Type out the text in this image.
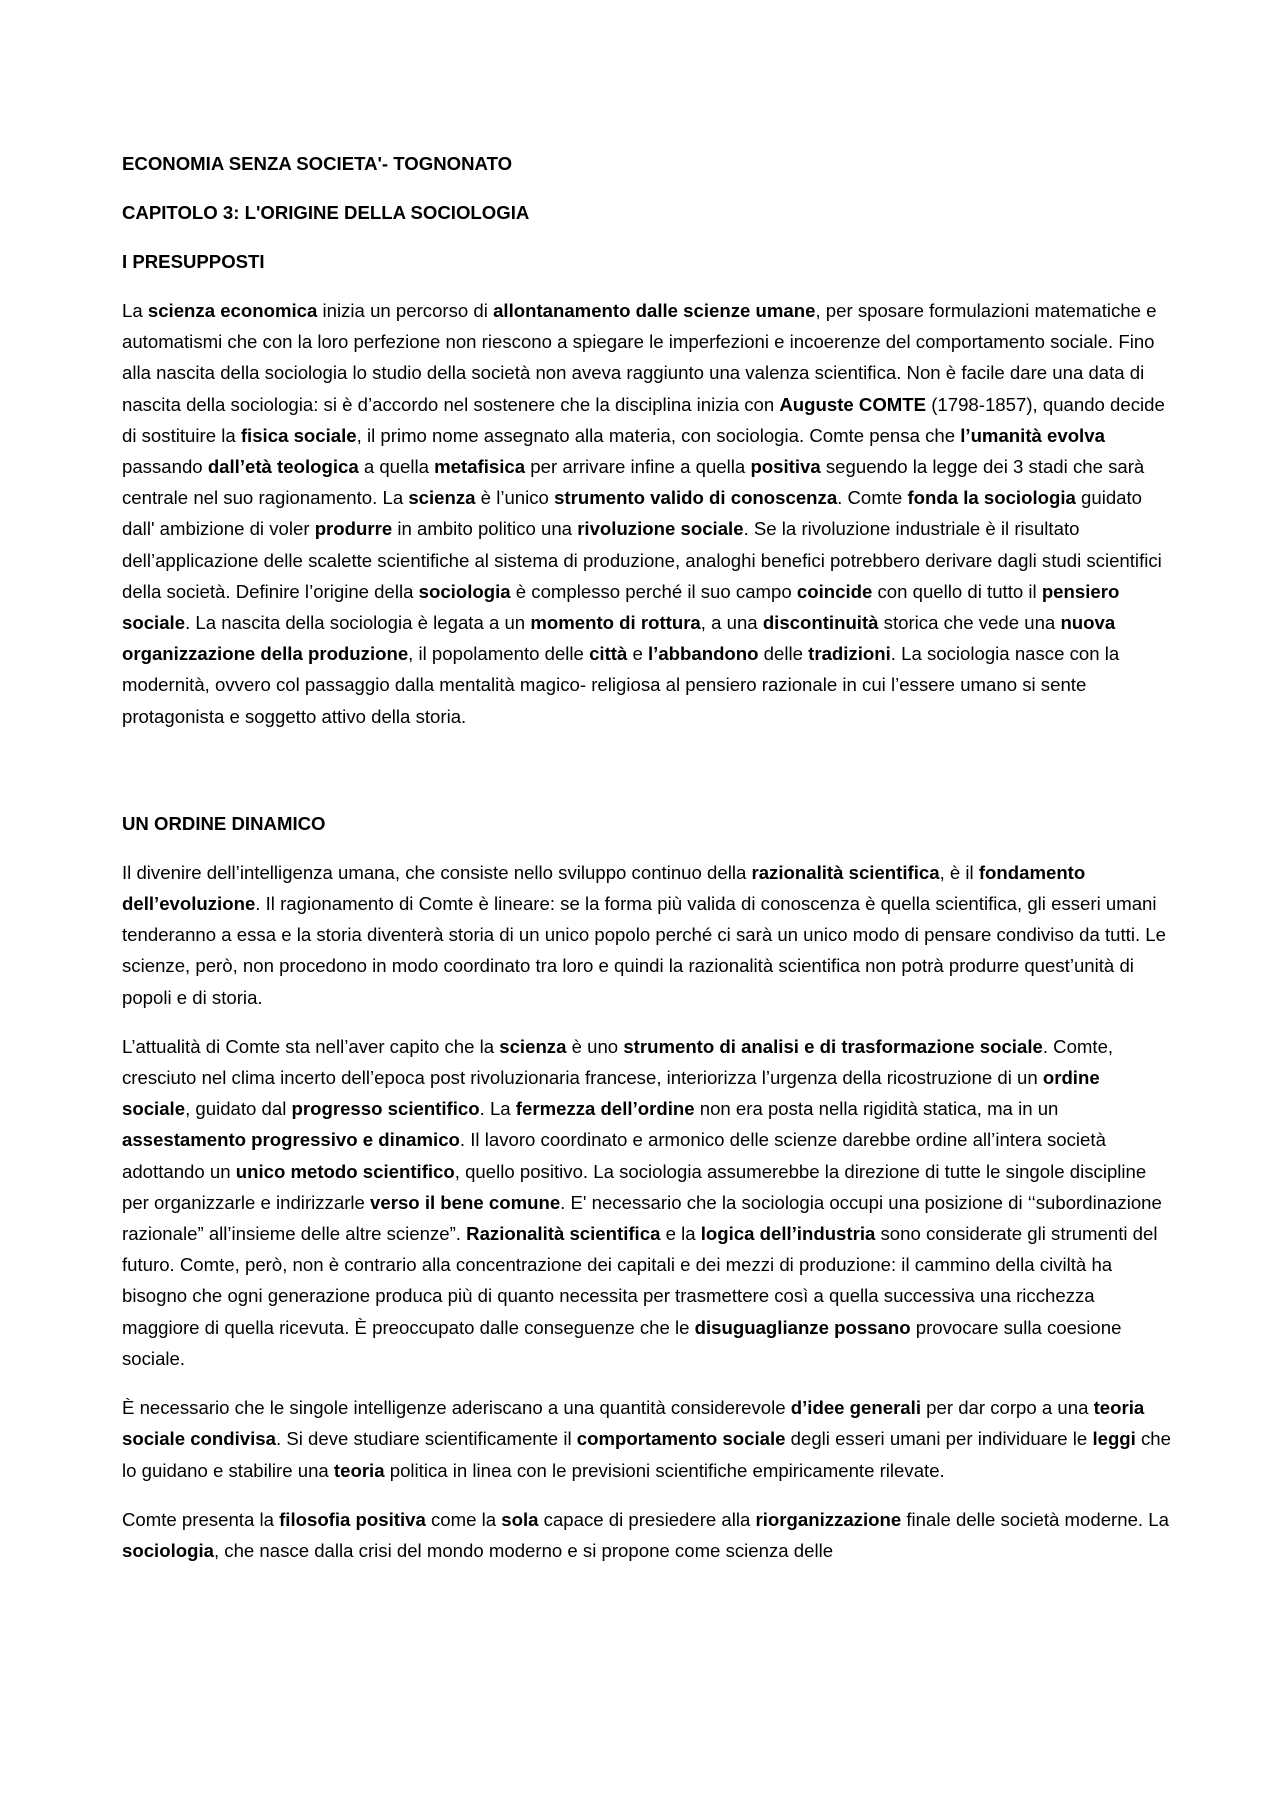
ECONOMIA SENZA SOCIETA'- TOGNONATO
CAPITOLO 3: L'ORIGINE DELLA SOCIOLOGIA
I PRESUPPOSTI

La scienza economica inizia un percorso di allontanamento dalle scienze umane, per sposare formulazioni matematiche e automatismi che con la loro perfezione non riescono a spiegare le imperfezioni e incoerenze del comportamento sociale. Fino alla nascita della sociologia lo studio della società non aveva raggiunto una valenza scientifica. Non è facile dare una data di nascita della sociologia: si è d’accordo nel sostenere che la disciplina inizia con Auguste COMTE (1798-1857), quando decide di sostituire la fisica sociale, il primo nome assegnato alla materia, con sociologia. Comte pensa che l’umanità evolva passando dall’età teologica a quella metafisica per arrivare infine a quella positiva seguendo la legge dei 3 stadi che sarà centrale nel suo ragionamento. La scienza è l’unico strumento valido di conoscenza. Comte fonda la sociologia guidato dall' ambizione di voler produrre in ambito politico una rivoluzione sociale. Se la rivoluzione industriale è il risultato dell’applicazione delle scalette scientifiche al sistema di produzione, analoghi benefici potrebbero derivare dagli studi scientifici della società. Definire l’origine della sociologia è complesso perché il suo campo coincide con quello di tutto il pensiero sociale. La nascita della sociologia è legata a un momento di rottura, a una discontinuità storica che vede una nuova organizzazione della produzione, il popolamento delle città e l’abbandono delle tradizioni. La sociologia nasce con la modernità, ovvero col passaggio dalla mentalità magico- religiosa al pensiero razionale in cui l’essere umano si sente protagonista e soggetto attivo della storia.

UN ORDINE DINAMICO

Il divenire dell’intelligenza umana, che consiste nello sviluppo continuo della razionalità scientifica, è il fondamento dell’evoluzione. Il ragionamento di Comte è lineare: se la forma più valida di conoscenza è quella scientifica, gli esseri umani tenderanno a essa e la storia diventerà storia di un unico popolo perché ci sarà un unico modo di pensare condiviso da tutti. Le scienze, però, non procedono in modo coordinato tra loro e quindi la razionalità scientifica non potrà produrre quest’unità di popoli e di storia.

L’attualità di Comte sta nell’aver capito che la scienza è uno strumento di analisi e di trasformazione sociale. Comte, cresciuto nel clima incerto dell’epoca post rivoluzionaria francese, interiorizza l’urgenza della ricostruzione di un ordine sociale, guidato dal progresso scientifico. La fermezza dell’ordine non era posta nella rigidità statica, ma in un assestamento progressivo e dinamico. Il lavoro coordinato e armonico delle scienze darebbe ordine all’intera società adottando un unico metodo scientifico, quello positivo. La sociologia assumerebbe la direzione di tutte le singole discipline per organizzarle e indirizzarle verso il bene comune. E' necessario che la sociologia occupi una posizione di ‘‘subordinazione razionale” all’insieme delle altre scienze”. Razionalità scientifica e la logica dell’industria sono considerate gli strumenti del futuro. Comte, però, non è contrario alla concentrazione dei capitali e dei mezzi di produzione: il cammino della civiltà ha bisogno che ogni generazione produca più di quanto necessita per trasmettere così a quella successiva una ricchezza maggiore di quella ricevuta. È preoccupato dalle conseguenze che le disuguaglianze possano provocare sulla coesione sociale.

È necessario che le singole intelligenze aderiscano a una quantità considerevole d’idee generali per dar corpo a una teoria sociale condivisa. Si deve studiare scientificamente il comportamento sociale degli esseri umani per individuare le leggi che lo guidano e stabilire una teoria politica in linea con le previsioni scientifiche empiricamente rilevate.

Comte presenta la filosofia positiva come la sola capace di presiedere alla riorganizzazione finale delle società moderne. La sociologia, che nasce dalla crisi del mondo moderno e si propone come scienza delle
